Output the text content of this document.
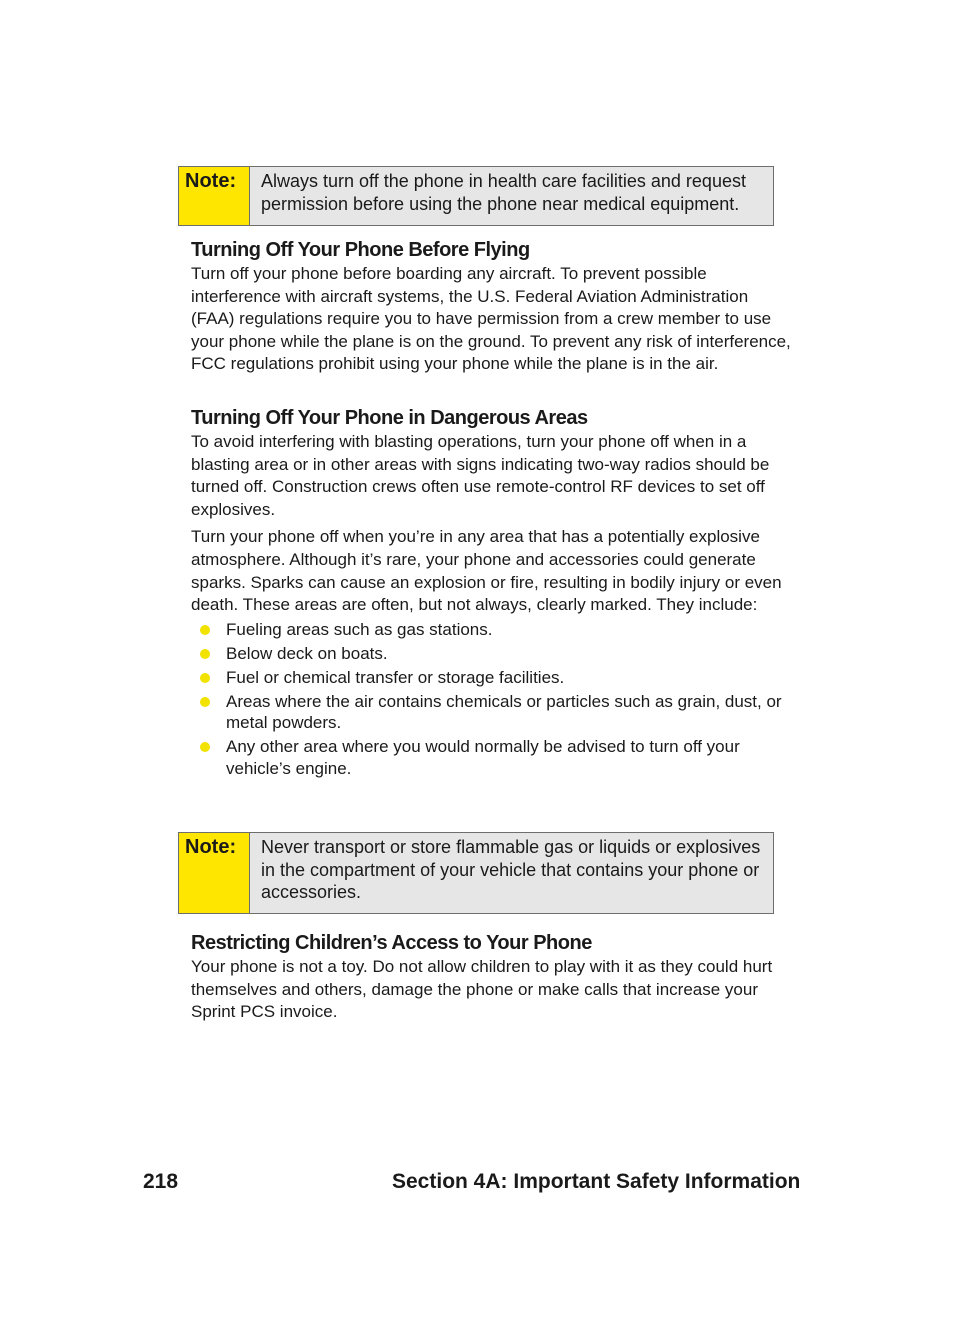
Note:	Always turn off the phone in health care facilities and request permission before using the phone near medical equipment.
Turning Off Your Phone Before Flying

Turn off your phone before boarding any aircraft. To prevent possible interference with aircraft systems, the U.S. Federal Aviation Administration (FAA) regulations require you to have permission from a crew member to use your phone while the plane is on the ground. To prevent any risk of interference, FCC regulations prohibit using your phone while the plane is in the air.

Turning Off Your Phone in Dangerous Areas

To avoid interfering with blasting operations, turn your phone off when in a blasting area or in other areas with signs indicating two-way radios should be turned off. Construction crews often use remote-control RF devices to set off explosives.

Turn your phone off when you’re in any area that has a potentially explosive atmosphere. Although it’s rare, your phone and accessories could generate sparks. Sparks can cause an explosion or fire, resulting in bodily injury or even death. These areas are often, but not always, clearly marked. They include:

Fueling areas such as gas stations.
Below deck on boats.
Fuel or chemical transfer or storage facilities.
Areas where the air contains chemicals or particles such as grain, dust, or metal powders.
Any other area where you would normally be advised to turn off your vehicle’s engine.
Note:	Never transport or store flammable gas or liquids or explosives in the compartment of your vehicle that contains your phone or accessories.
Restricting Children’s Access to Your Phone

Your phone is not a toy. Do not allow children to play with it as they could hurt themselves and others, damage the phone or make calls that increase your Sprint PCS invoice.

218	Section 4A: Important Safety Information
